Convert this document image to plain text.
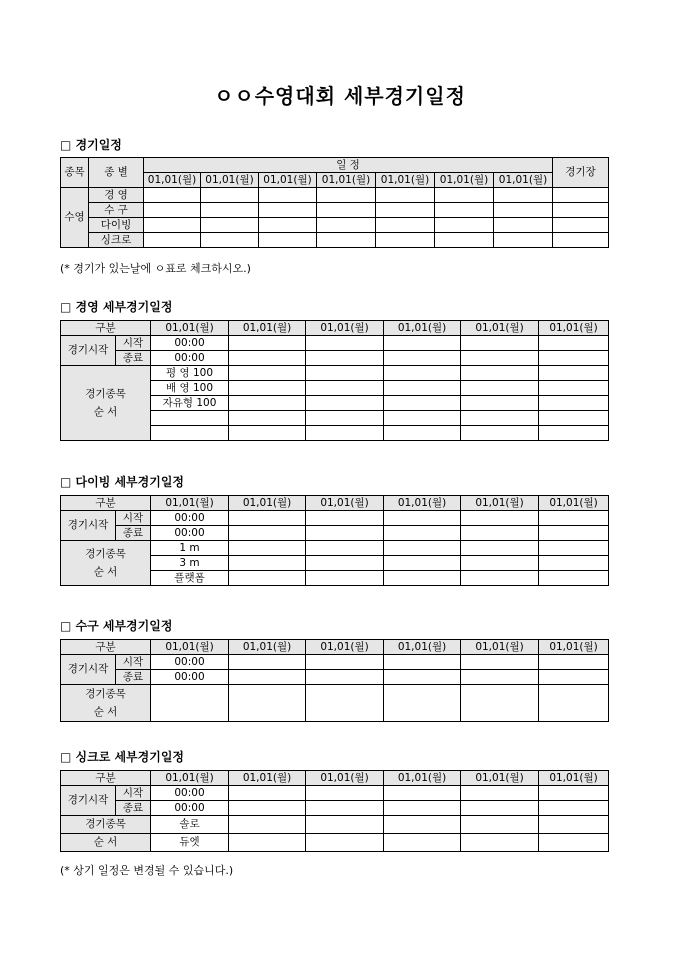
ㅇㅇ수영대회 세부경기일정
□ 경기일정
종목	종 별	일 정							경기장
		01,01(월)	01,01(월)	01,01(월)	01,01(월)	01,01(월)	01,01(월)	01,01(월)	
수영	경 영								
	수 구								
	다이빙								
	싱크로								
(* 경기가 있는날에 ㅇ표로 체크하시오.)
□ 경영 세부경기일정
구분		01,01(월)	01,01(월)	01,01(월)	01,01(월)	01,01(월)	01,01(월)
경기시작	시작	00:00					
	종료	00:00					
경기종목
순 서		평 영 100					
		배 영 100					
		자유형 100					

□ 다이빙 세부경기일정
구분		01,01(월)	01,01(월)	01,01(월)	01,01(월)	01,01(월)	01,01(월)
경기시작	시작	00:00					
	종료	00:00					
경기종목
순 서		1 m					
		3 m					
		플랫폼					
□ 수구 세부경기일정
구분		01,01(월)	01,01(월)	01,01(월)	01,01(월)	01,01(월)	01,01(월)
경기시작	시작	00:00					
	종료	00:00					
경기종목
순 서							
□ 싱크로 세부경기일정
구분		01,01(월)	01,01(월)	01,01(월)	01,01(월)	01,01(월)	01,01(월)
경기시작	시작	00:00					
	종료	00:00					
경기종목		솔로					
순 서		듀엣					
(* 상기 일정은 변경될 수 있습니다.)
